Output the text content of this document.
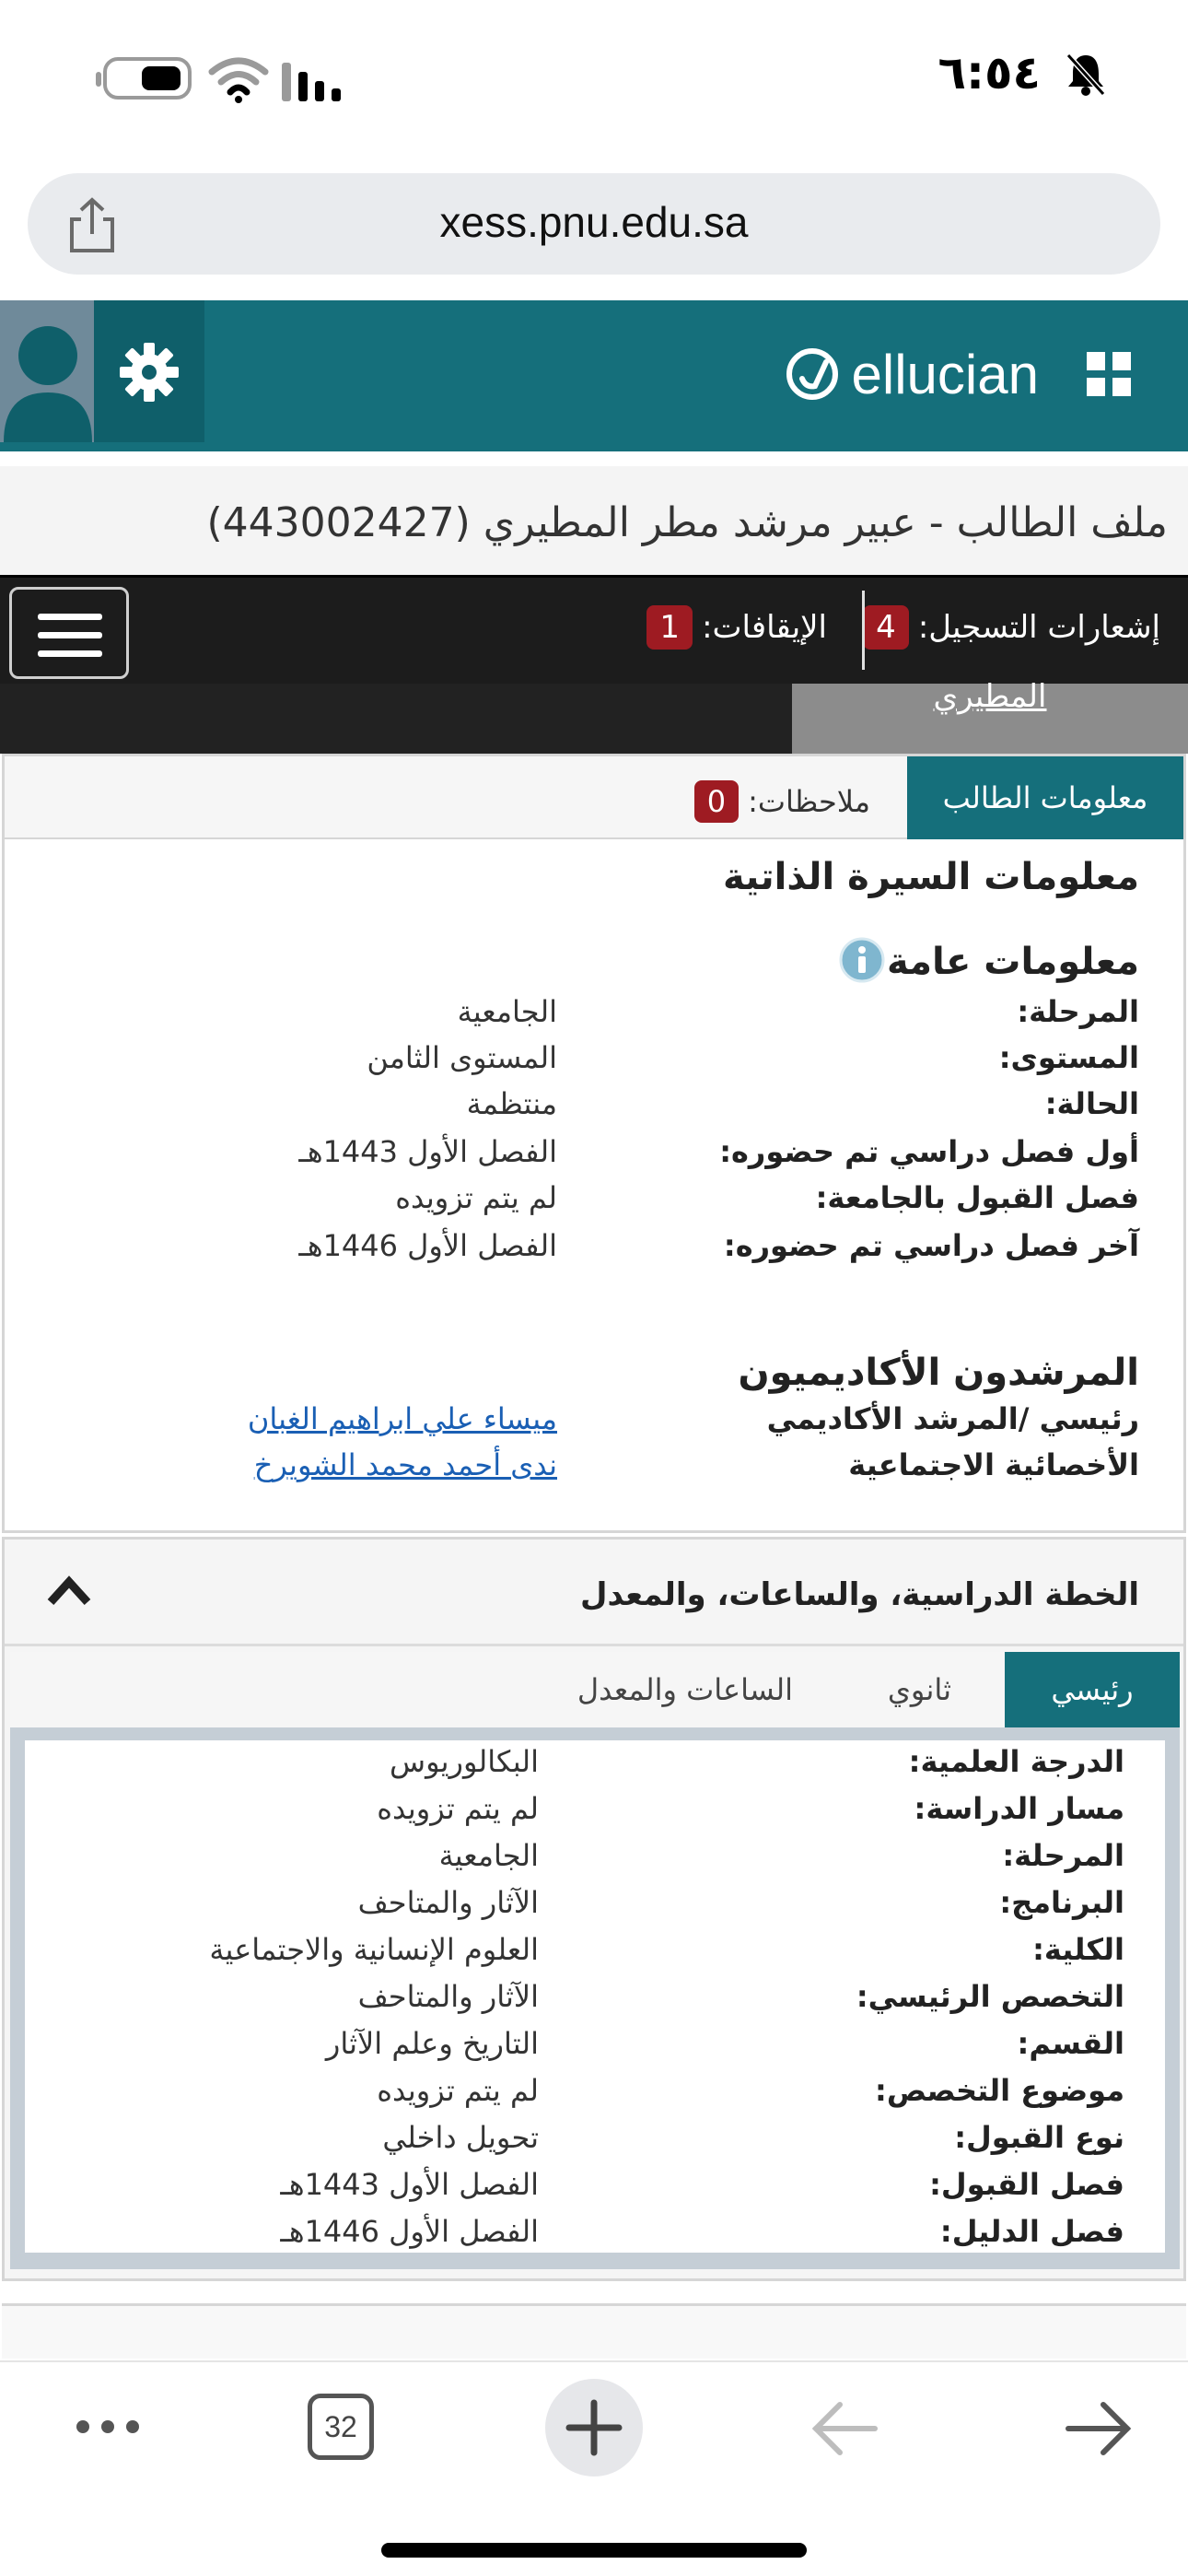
٦:٥٤
xess.pnu.edu.sa
ellucian
ملف الطالب - عبير مرشد مطر المطيري (443002427)
إشعارات التسجيل:
4
الإيقافات:
1
المطيري
معلومات الطالب
ملاحظات:
0
معلومات السيرة الذاتية
معلومات عامة
المرحلة:
الجامعية
المستوى:
المستوى الثامن
الحالة:
منتظمة
أول فصل دراسي تم حضوره:
الفصل الأول 1443هـ
فصل القبول بالجامعة:
لم يتم تزويده
آخر فصل دراسي تم حضوره:
الفصل الأول 1446هـ
المرشدون الأكاديميون
رئيسي /المرشد الأكاديمي
ميساء علي ابراهيم الغبان
الأخصائية الاجتماعية
ندى أحمد محمد الشويرخ
الخطة الدراسية، والساعات، والمعدل
رئيسي
ثانوي
الساعات والمعدل
الدرجة العلمية:
البكالوريوس
مسار الدراسة:
لم يتم تزويده
المرحلة:
الجامعية
البرنامج:
الآثار والمتاحف
الكلية:
العلوم الإنسانية والاجتماعية
التخصص الرئيسي:
الآثار والمتاحف
القسم:
التاريخ وعلم الآثار
موضوع التخصص:
لم يتم تزويده
نوع القبول:
تحويل داخلي
فصل القبول:
الفصل الأول 1443هـ
فصل الدليل:
الفصل الأول 1446هـ
32
